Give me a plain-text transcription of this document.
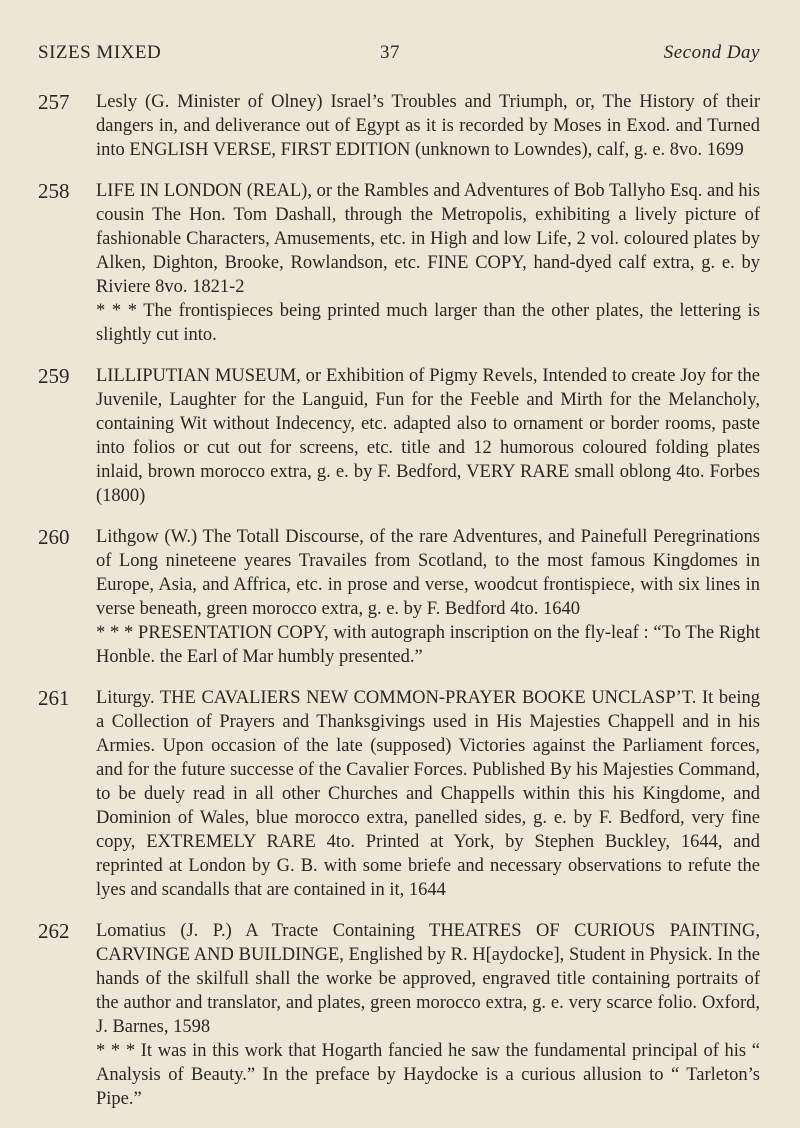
SIZES MIXED	37	Second Day
257 Lesly (G. Minister of Olney) Israel’s Troubles and Triumph, or, The History of their dangers in, and deliverance out of Egypt as it is recorded by Moses in Exod. and Turned into ENGLISH VERSE, FIRST EDITION (unknown to Lowndes), calf, g. e. 8vo. 1699

258 LIFE IN LONDON (REAL), or the Rambles and Adventures of Bob Tallyho Esq. and his cousin The Hon. Tom Dashall, through the Metropolis, exhibiting a lively picture of fashionable Characters, Amusements, etc. in High and low Life, 2 vol. coloured plates by Alken, Dighton, Brooke, Rowlandson, etc. FINE COPY, hand-dyed calf extra, g. e. by Riviere 8vo. 1821-2

* * * The frontispieces being printed much larger than the other plates, the lettering is slightly cut into.

259 LILLIPUTIAN MUSEUM, or Exhibition of Pigmy Revels, Intended to create Joy for the Juvenile, Laughter for the Languid, Fun for the Feeble and Mirth for the Melancholy, containing Wit without Indecency, etc. adapted also to ornament or border rooms, paste into folios or cut out for screens, etc. title and 12 humorous coloured folding plates inlaid, brown morocco extra, g. e. by F. Bedford, VERY RARE small oblong 4to. Forbes (1800)

260 Lithgow (W.) The Totall Discourse, of the rare Adventures, and Painefull Peregrinations of Long nineteene yeares Travailes from Scotland, to the most famous Kingdomes in Europe, Asia, and Affrica, etc. in prose and verse, woodcut frontispiece, with six lines in verse beneath, green morocco extra, g. e. by F. Bedford 4to. 1640

* * * PRESENTATION COPY, with autograph inscription on the fly-leaf : “To The Right Honble. the Earl of Mar humbly presented.”

261 Liturgy. THE CAVALIERS NEW COMMON-PRAYER BOOKE UNCLASP’T. It being a Collection of Prayers and Thanksgivings used in His Majesties Chappell and in his Armies. Upon occasion of the late (supposed) Victories against the Parliament forces, and for the future successe of the Cavalier Forces. Published By his Majesties Command, to be duely read in all other Churches and Chappells within this his Kingdome, and Dominion of Wales, blue morocco extra, panelled sides, g. e. by F. Bedford, very fine copy, EXTREMELY RARE 4to. Printed at York, by Stephen Buckley, 1644, and reprinted at London by G. B. with some briefe and necessary observations to refute the lyes and scandalls that are contained in it, 1644

262 Lomatius (J. P.) A Tracte Containing THEATRES OF CURIOUS PAINTING, CARVINGE AND BUILDINGE, Englished by R. H[aydocke], Student in Physick. In the hands of the skilfull shall the worke be approved, engraved title containing portraits of the author and translator, and plates, green morocco extra, g. e. very scarce folio. Oxford, J. Barnes, 1598

* * * It was in this work that Hogarth fancied he saw the fundamental principal of his “ Analysis of Beauty.” In the preface by Haydocke is a curious allusion to “ Tarleton’s Pipe.”
